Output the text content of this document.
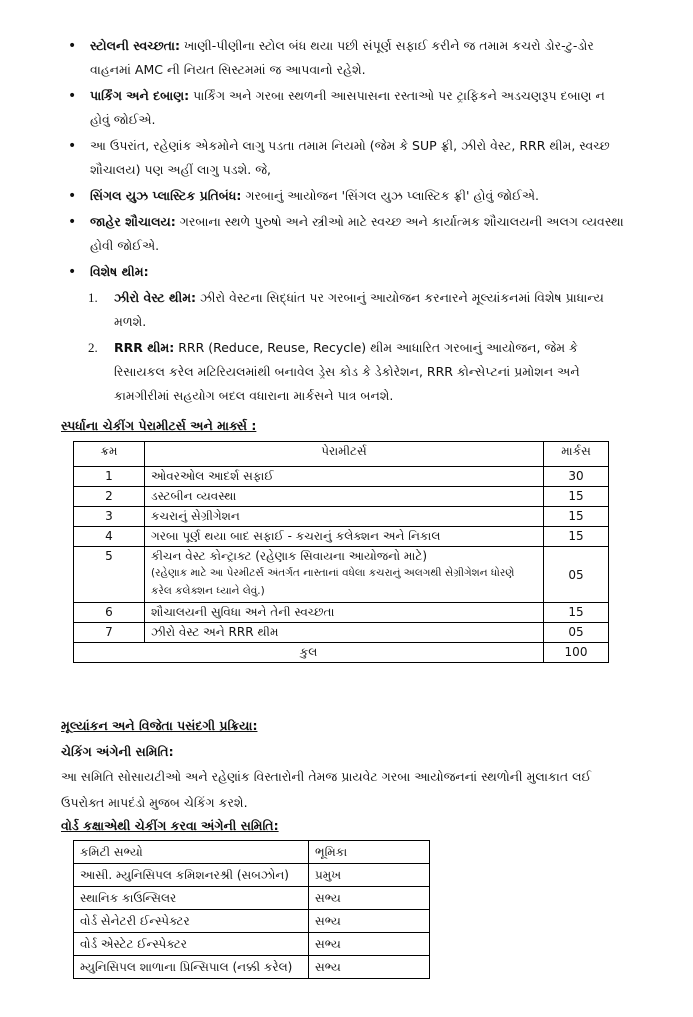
• સ્ટોલની સ્વચ્છતા: ખાણી-પીણીના સ્ટોલ બંધ થયા પછી સંપૂર્ણ સફાઈ કરીને જ તમામ કચરો ડોર-ટુ-ડોર વાહનમાં AMC ની નિયત સિસ્ટમમાં જ આપવાનો રહેશે.
• પાર્કિંગ અને દબાણ: પાર્કિંગ અને ગરબા સ્થળની આસપાસના રસ્તાઓ પર ટ્રાફિકને અડચણરૂપ દબાણ ન હોવું જોઈએ.
• આ ઉપરાંત, રહેણાંક એકમોને લાગુ પડતા તમામ નિયમો (જેમ કે SUP ફ્રી, ઝીરો વેસ્ટ, RRR થીમ, સ્વચ્છ શૌચાલય) પણ અહીં લાગુ પડશે. જે,
• સિંગલ યુઝ પ્લાસ્ટિક પ્રતિબંધ: ગરબાનું આયોજન 'સિંગલ યુઝ પ્લાસ્ટિક ફ્રી' હોવું જોઈએ.
• જાહેર શૌચાલય: ગરબાના સ્થળે પુરુષો અને સ્ત્રીઓ માટે સ્વચ્છ અને કાર્યાત્મક શૌચાલયની અલગ વ્યવસ્થા હોવી જોઈએ.
• વિશેષ થીમ:
1. ઝીરો વેસ્ટ થીમ: ઝીરો વેસ્ટના સિદ્ધાંત પર ગરબાનું આયોજન કરનારને મૂલ્યાંકનમાં વિશેષ પ્રાધાન્ય મળશે.
2. RRR થીમ: RRR (Reduce, Reuse, Recycle) થીમ આધારિત ગરબાનું આયોજન, જેમ કે રિસાયકલ કરેલ મટિરિયલમાંથી બનાવેલ ડ્રેસ કોડ કે ડેકોરેશન, RRR કોન્સેપ્ટનાં પ્રમોશન અને કામગીરીમાં સહયોગ બદલ વધારાના માર્કસને પાત્ર બનશે.
સ્પર્ધાના ચેકીંગ પેરામીટર્સ અને માર્ક્સ :
ક્રમ	પેરામીટર્સ	માર્કસ
1	ઓવરઓલ આદર્શ સફાઈ	30
2	ડસ્ટબીન વ્યવસ્થા	15
3	કચરાનું સેગ્રીગેશન	15
4	ગરબા પૂર્ણ થયા બાદ સફાઈ - કચરાનું કલેક્શન અને નિકાલ	15
5	કીચન વેસ્ટ કોન્ટ્રાક્ટ (રહેણાક સિવાયના આયોજનો માટે)
(રહેણાક માટે આ પેરમીટર્સ અંતર્ગત નાસ્તાનાં વધેલા કચરાનું અલગથી સેગ્રીગેશન ધોરણે કરેલ કલેક્શન ધ્યાને લેવું.)	05
6	શૌચાલયની સુવિધા અને તેની સ્વચ્છતા	15
7	ઝીરો વેસ્ટ અને RRR થીમ	05
કુલ		100
મૂલ્યાંકન અને વિજેતા પસંદગી પ્રક્રિયા:
ચેકિંગ અંગેની સમિતિ:
આ સમિતિ સોસાયટીઓ અને રહેણાંક વિસ્તારોની તેમજ પ્રાયવેટ ગરબા આયોજનનાં સ્થળોની મુલાકાત લઈ ઉપરોક્ત માપદંડો મુજબ ચેકિંગ કરશે.
વોર્ડ કક્ષાએથી ચેકીંગ કરવા અંગેની સમિતિ:
કમિટી સભ્યો	ભૂમિકા
આસી. મ્યુનિસિપલ કમિશનરશ્રી (સબઝોન)	પ્રમુખ
સ્થાનિક કાઉન્સિલર	સભ્ય
વોર્ડ સેનેટરી ઈન્સ્પેક્ટર	સભ્ય
વોર્ડ એસ્ટેટ ઈન્સ્પેક્ટર	સભ્ય
મ્યુનિસિપલ શાળાના પ્રિન્સિપાલ (નક્કી કરેલ)	સભ્ય
